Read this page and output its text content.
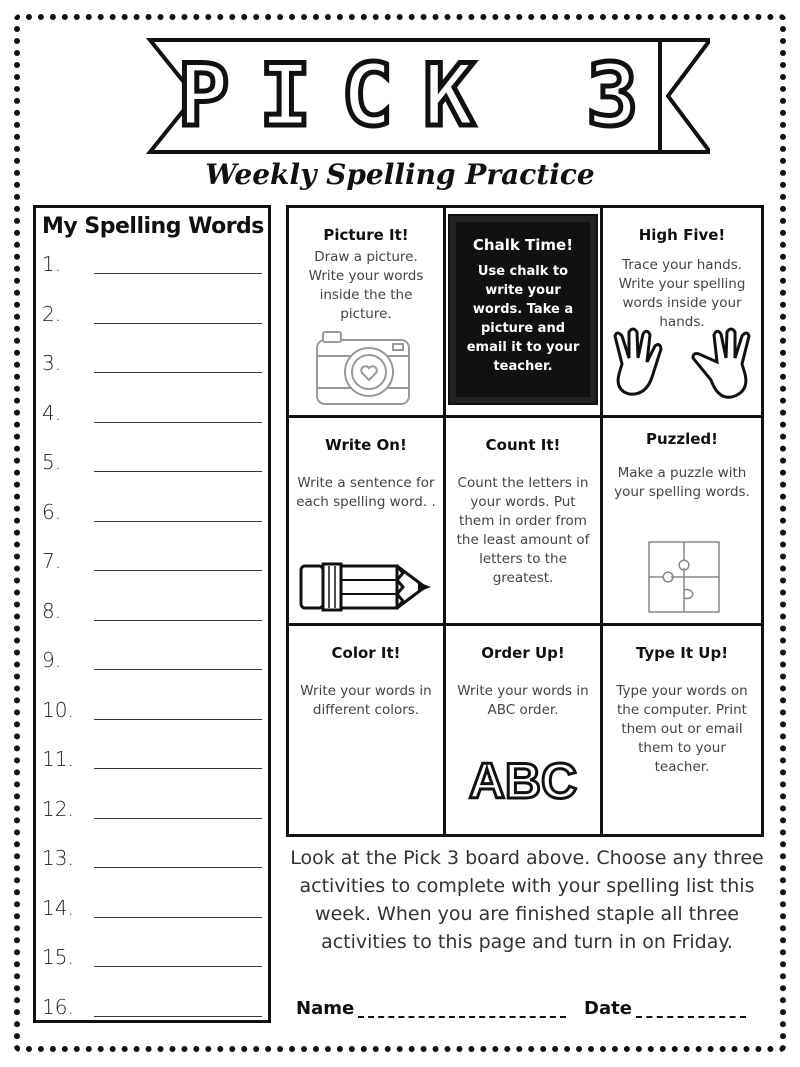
PICK 3
Weekly Spelling Practice
My Spelling Words
1.
2.
3.
4.
5.
6.
7.
8.
9.
10.
11.
12.
13.
14.
15.
16.
Picture It!
Draw a picture. Write your words inside the the picture.
Chalk Time!
Use chalk to write your words. Take a picture and email it to your teacher.
High Five!
Trace your hands. Write your spelling words inside your hands.
Write On!
Write a sentence for each spelling word. .
Count It!
Count the letters in your words. Put them in order from the least amount of letters to the greatest.
Puzzled!
Make a puzzle with your spelling words.
Color It!
Write your words in different colors.
Order Up!
Write your words in ABC order.
ABC
Type It Up!
Type your words on the computer. Print them out or email them to your teacher.
Look at the Pick 3 board above. Choose any three activities to complete with your spelling list this week. When you are finished staple all three activities to this page and turn in on Friday.
Name	Date
